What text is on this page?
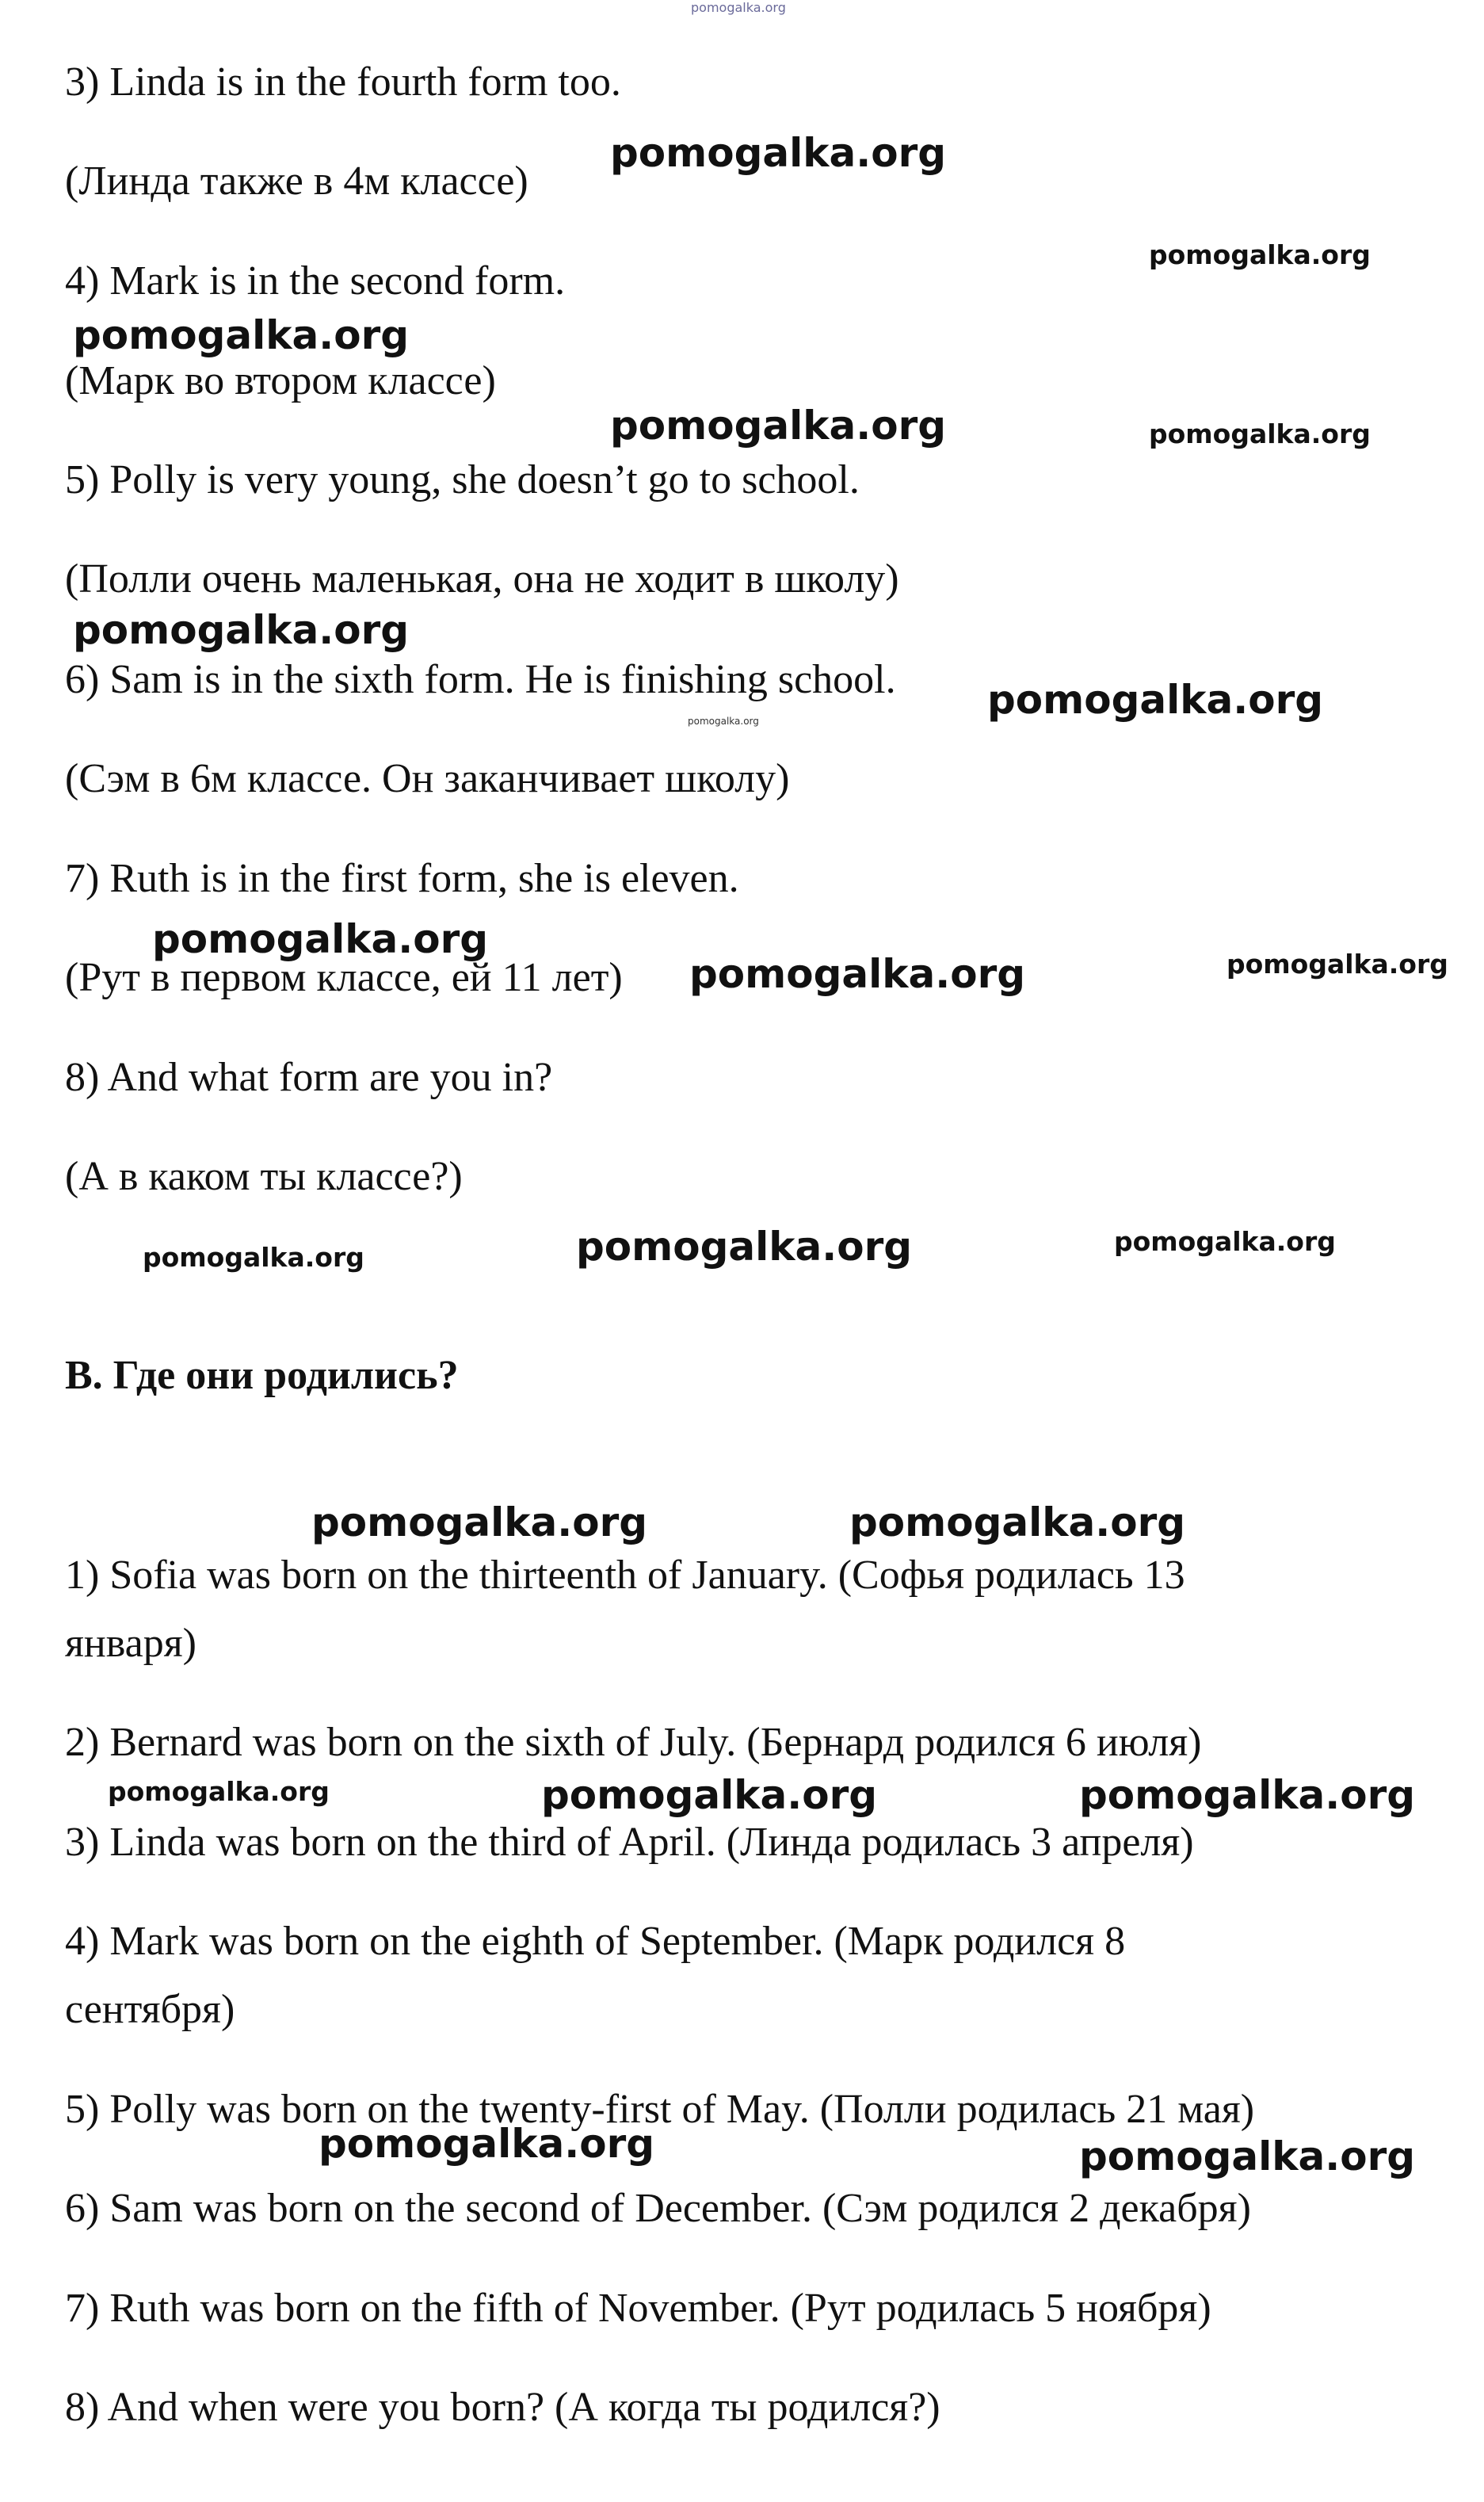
pomogalka.org
3) Linda is in the fourth form too.
(Линда также в 4м классе)
4) Mark is in the second form.
(Марк во втором классе)
5) Polly is very young, she doesn’t go to school.
(Полли очень маленькая, она не ходит в школу)
6) Sam is in the sixth form. He is finishing school.
(Сэм в 6м классе. Он заканчивает школу)
7) Ruth is in the first form, she is eleven.
(Рут в первом классе, ей 11 лет)
8) And what form are you in?
(А в каком ты классе?)
B. Где они родились?
1) Sofia was born on the thirteenth of January. (Софья родилась 13
января)
2) Bernard was born on the sixth of July. (Бернард родился 6 июля)
3) Linda was born on the third of April. (Линда родилась 3 апреля)
4) Mark was born on the eighth of September. (Марк родился 8
сентября)
5) Polly was born on the twenty-first of May. (Полли родилась 21 мая)
6) Sam was born on the second of December. (Сэм родился 2 декабря)
7) Ruth was born on the fifth of November. (Рут родилась 5 ноября)
8) And when were you born? (А когда ты родился?)
pomogalka.org
pomogalka.org
pomogalka.org
pomogalka.org	pomogalka.org
pomogalka.org
pomogalka.org
pomogalka.org
pomogalka.org
pomogalka.org	pomogalka.org
pomogalka.org	pomogalka.org	pomogalka.org
pomogalka.org	pomogalka.org
pomogalka.org	pomogalka.org	pomogalka.org
pomogalka.org	pomogalka.org
